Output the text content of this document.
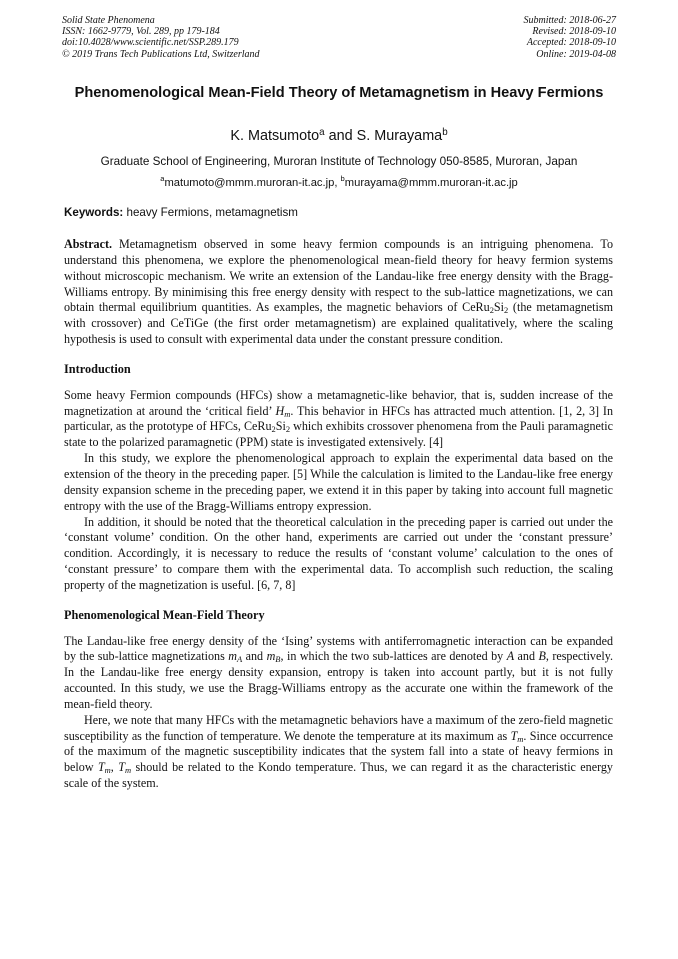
Solid State Phenomena
ISSN: 1662-9779, Vol. 289, pp 179-184
doi:10.4028/www.scientific.net/SSP.289.179
© 2019 Trans Tech Publications Ltd, Switzerland
Submitted: 2018-06-27
Revised: 2018-09-10
Accepted: 2018-09-10
Online: 2019-04-08
Phenomenological Mean-Field Theory of Metamagnetism in Heavy Fermions
K. Matsumoto$^a$ and S. Murayama$^b$
Graduate School of Engineering, Muroran Institute of Technology 050-8585, Muroran, Japan
$^a$matumoto@mmm.muroran-it.ac.jp, $^b$murayama@mmm.muroran-it.ac.jp
Keywords: heavy Fermions, metamagnetism

Abstract. Metamagnetism observed in some heavy fermion compounds is an intriguing phenomena. To understand this phenomena, we explore the phenomenological mean-field theory for heavy fermion systems without microscopic mechanism. We write an extension of the Landau-like free energy density with the Bragg-Williams entropy. By minimising this free energy density with respect to the sub-lattice magnetizations, we can obtain thermal equilibrium quantities. As examples, the magnetic behaviors of $CeRu_2Si_2$ (the metamagnetism with crossover) and CeTiGe (the first order metamagnetism) are explained qualitatively, where the scaling hypothesis is used to consult with experimental data under the constant pressure condition.

Introduction

Some heavy Fermion compounds (HFCs) show a metamagnetic-like behavior, that is, sudden increase of the magnetization at around the ‘critical field’ $H_m$. This behavior in HFCs has attracted much attention. [1, 2, 3] In particular, as the prototype of HFCs, $CeRu_2Si_2$ which exhibits crossover phenomena from the Pauli paramagnetic state to the polarized paramagnetic (PPM) state is investigated extensively. [4]

In this study, we explore the phenomenological approach to explain the experimental data based on the extension of the theory in the preceding paper. [5] While the calculation is limited to the Landau-like free energy density expansion scheme in the preceding paper, we extend it in this paper by taking into account full magnetic entropy with the use of the Bragg-Williams entropy expression.

In addition, it should be noted that the theoretical calculation in the preceding paper is carried out under the ‘constant volume’ condition. On the other hand, experiments are carried out under the ‘constant pressure’ condition. Accordingly, it is necessary to reduce the results of ‘constant volume’ calculation to the ones of ‘constant pressure’ to compare them with the experimental data. To accomplish such reduction, the scaling property of the magnetization is useful. [6, 7, 8]

Phenomenological Mean-Field Theory

The Landau-like free energy density of the ‘Ising’ systems with antiferromagnetic interaction can be expanded by the sub-lattice magnetizations $m_A$ and $m_B$, in which the two sub-lattices are denoted by A and B, respectively. In the Landau-like free energy density expansion, entropy is taken into account partly, but it is not fully accounted. In this study, we use the Bragg-Williams entropy as the accurate one within the framework of the mean-field theory.

Here, we note that many HFCs with the metamagnetic behaviors have a maximum of the zero-field magnetic susceptibility as the function of temperature. We denote the temperature at its maximum as $T_m$. Since occurrence of the maximum of the magnetic susceptibility indicates that the system fall into a state of heavy fermions in below $T_m$, $T_m$ should be related to the Kondo temperature. Thus, we can regard it as the characteristic energy scale of the system.
